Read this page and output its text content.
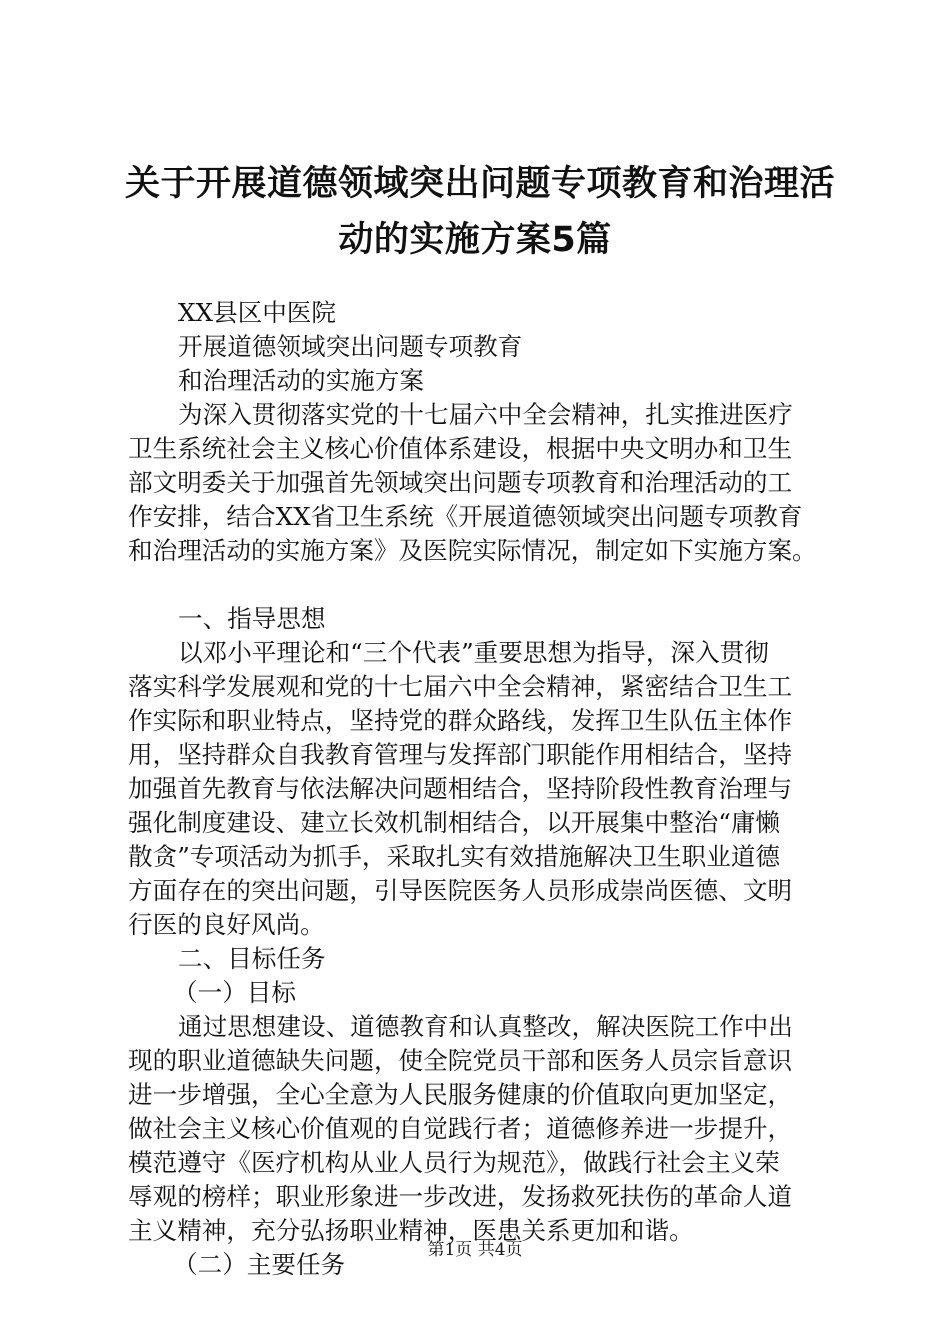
关于开展道德领域突出问题专项教育和治理活
动的实施方案5篇
XX县区中医院
开展道德领域突出问题专项教育
和治理活动的实施方案
为深入贯彻落实党的十七届六中全会精神，扎实推进医疗
卫生系统社会主义核心价值体系建设，根据中央文明办和卫生
部文明委关于加强首先领域突出问题专项教育和治理活动的工
作安排，结合XX省卫生系统《开展道德领域突出问题专项教育
和治理活动的实施方案》及医院实际情况，制定如下实施方案。
一、指导思想
以邓小平理论和“三个代表”重要思想为指导，深入贯彻
落实科学发展观和党的十七届六中全会精神，紧密结合卫生工
作实际和职业特点，坚持党的群众路线，发挥卫生队伍主体作
用，坚持群众自我教育管理与发挥部门职能作用相结合，坚持
加强首先教育与依法解决问题相结合，坚持阶段性教育治理与
强化制度建设、建立长效机制相结合，以开展集中整治“庸懒
散贪”专项活动为抓手，采取扎实有效措施解决卫生职业道德
方面存在的突出问题，引导医院医务人员形成崇尚医德、文明
行医的良好风尚。
二、目标任务
（一）目标
通过思想建设、道德教育和认真整改，解决医院工作中出
现的职业道德缺失问题，使全院党员干部和医务人员宗旨意识
进一步增强，全心全意为人民服务健康的价值取向更加坚定，
做社会主义核心价值观的自觉践行者；道德修养进一步提升，
模范遵守《医疗机构从业人员行为规范》，做践行社会主义荣
辱观的榜样；职业形象进一步改进，发扬救死扶伤的革命人道
主义精神，充分弘扬职业精神，医患关系更加和谐。
（二）主要任务	第1页 共4页
